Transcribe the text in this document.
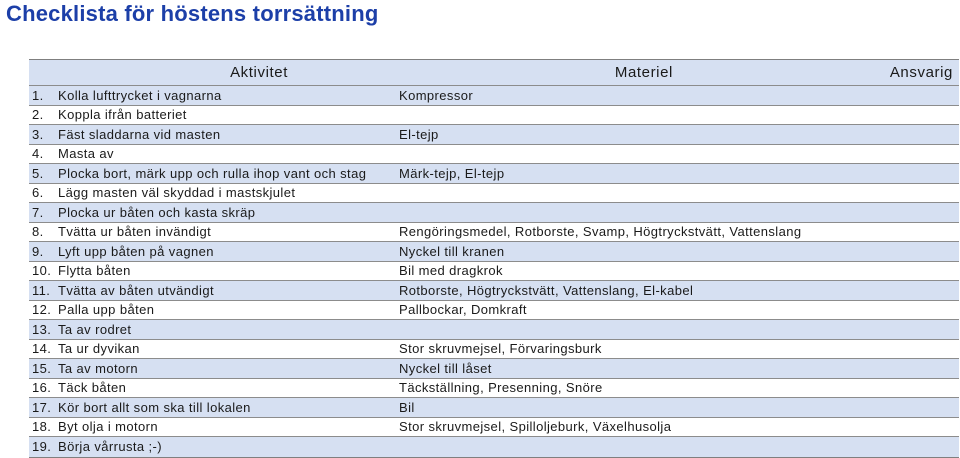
Checklista för höstens torrsättning
Aktivitet	Materiel	Ansvarig
1. Kolla lufttrycket i vagnarna	Kompressor
2. Koppla ifrån batteriet
3. Fäst sladdarna vid masten	El-tejp
4. Masta av
5. Plocka bort, märk upp och rulla ihop vant och stag	Märk-tejp, El-tejp
6. Lägg masten väl skyddad i mastskjulet
7. Plocka ur båten och kasta skräp
8. Tvätta ur båten invändigt	Rengöringsmedel, Rotborste, Svamp, Högtryckstvätt, Vattenslang
9. Lyft upp båten på vagnen	Nyckel till kranen
10. Flytta båten	Bil med dragkrok
11. Tvätta av båten utvändigt	Rotborste, Högtryckstvätt, Vattenslang, El-kabel
12. Palla upp båten	Pallbockar, Domkraft
13. Ta av rodret
14. Ta ur dyvikan	Stor skruvmejsel, Förvaringsburk
15. Ta av motorn	Nyckel till låset
16. Täck båten	Täckställning, Presenning, Snöre
17. Kör bort allt som ska till lokalen	Bil
18. Byt olja i motorn	Stor skruvmejsel, Spilloljeburk, Växelhusolja
19. Börja vårrusta ;-)
